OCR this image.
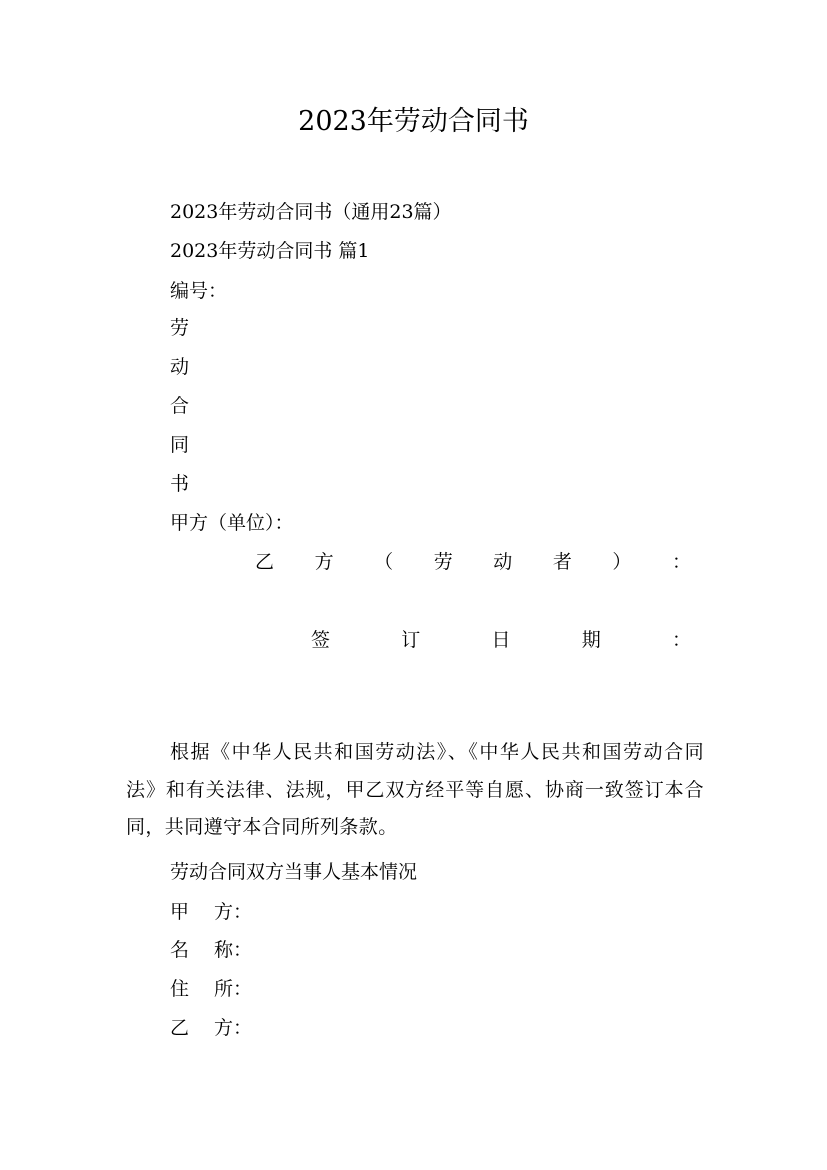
2023年劳动合同书
2023年劳动合同书（通用23篇）
2023年劳动合同书 篇1
编号：
劳
动
合
同
书
甲方（单位）：
乙 方 （ 劳 动 者 ） ：
签	订	日	期	：
根据《中华人民共和国劳动法》、《中华人民共和国劳动合同法》和有关法律、法规，甲乙双方经平等自愿、协商一致签订本合同，共同遵守本合同所列条款。
劳动合同双方当事人基本情况
甲 方：
名 称：
住 所：
乙 方：
